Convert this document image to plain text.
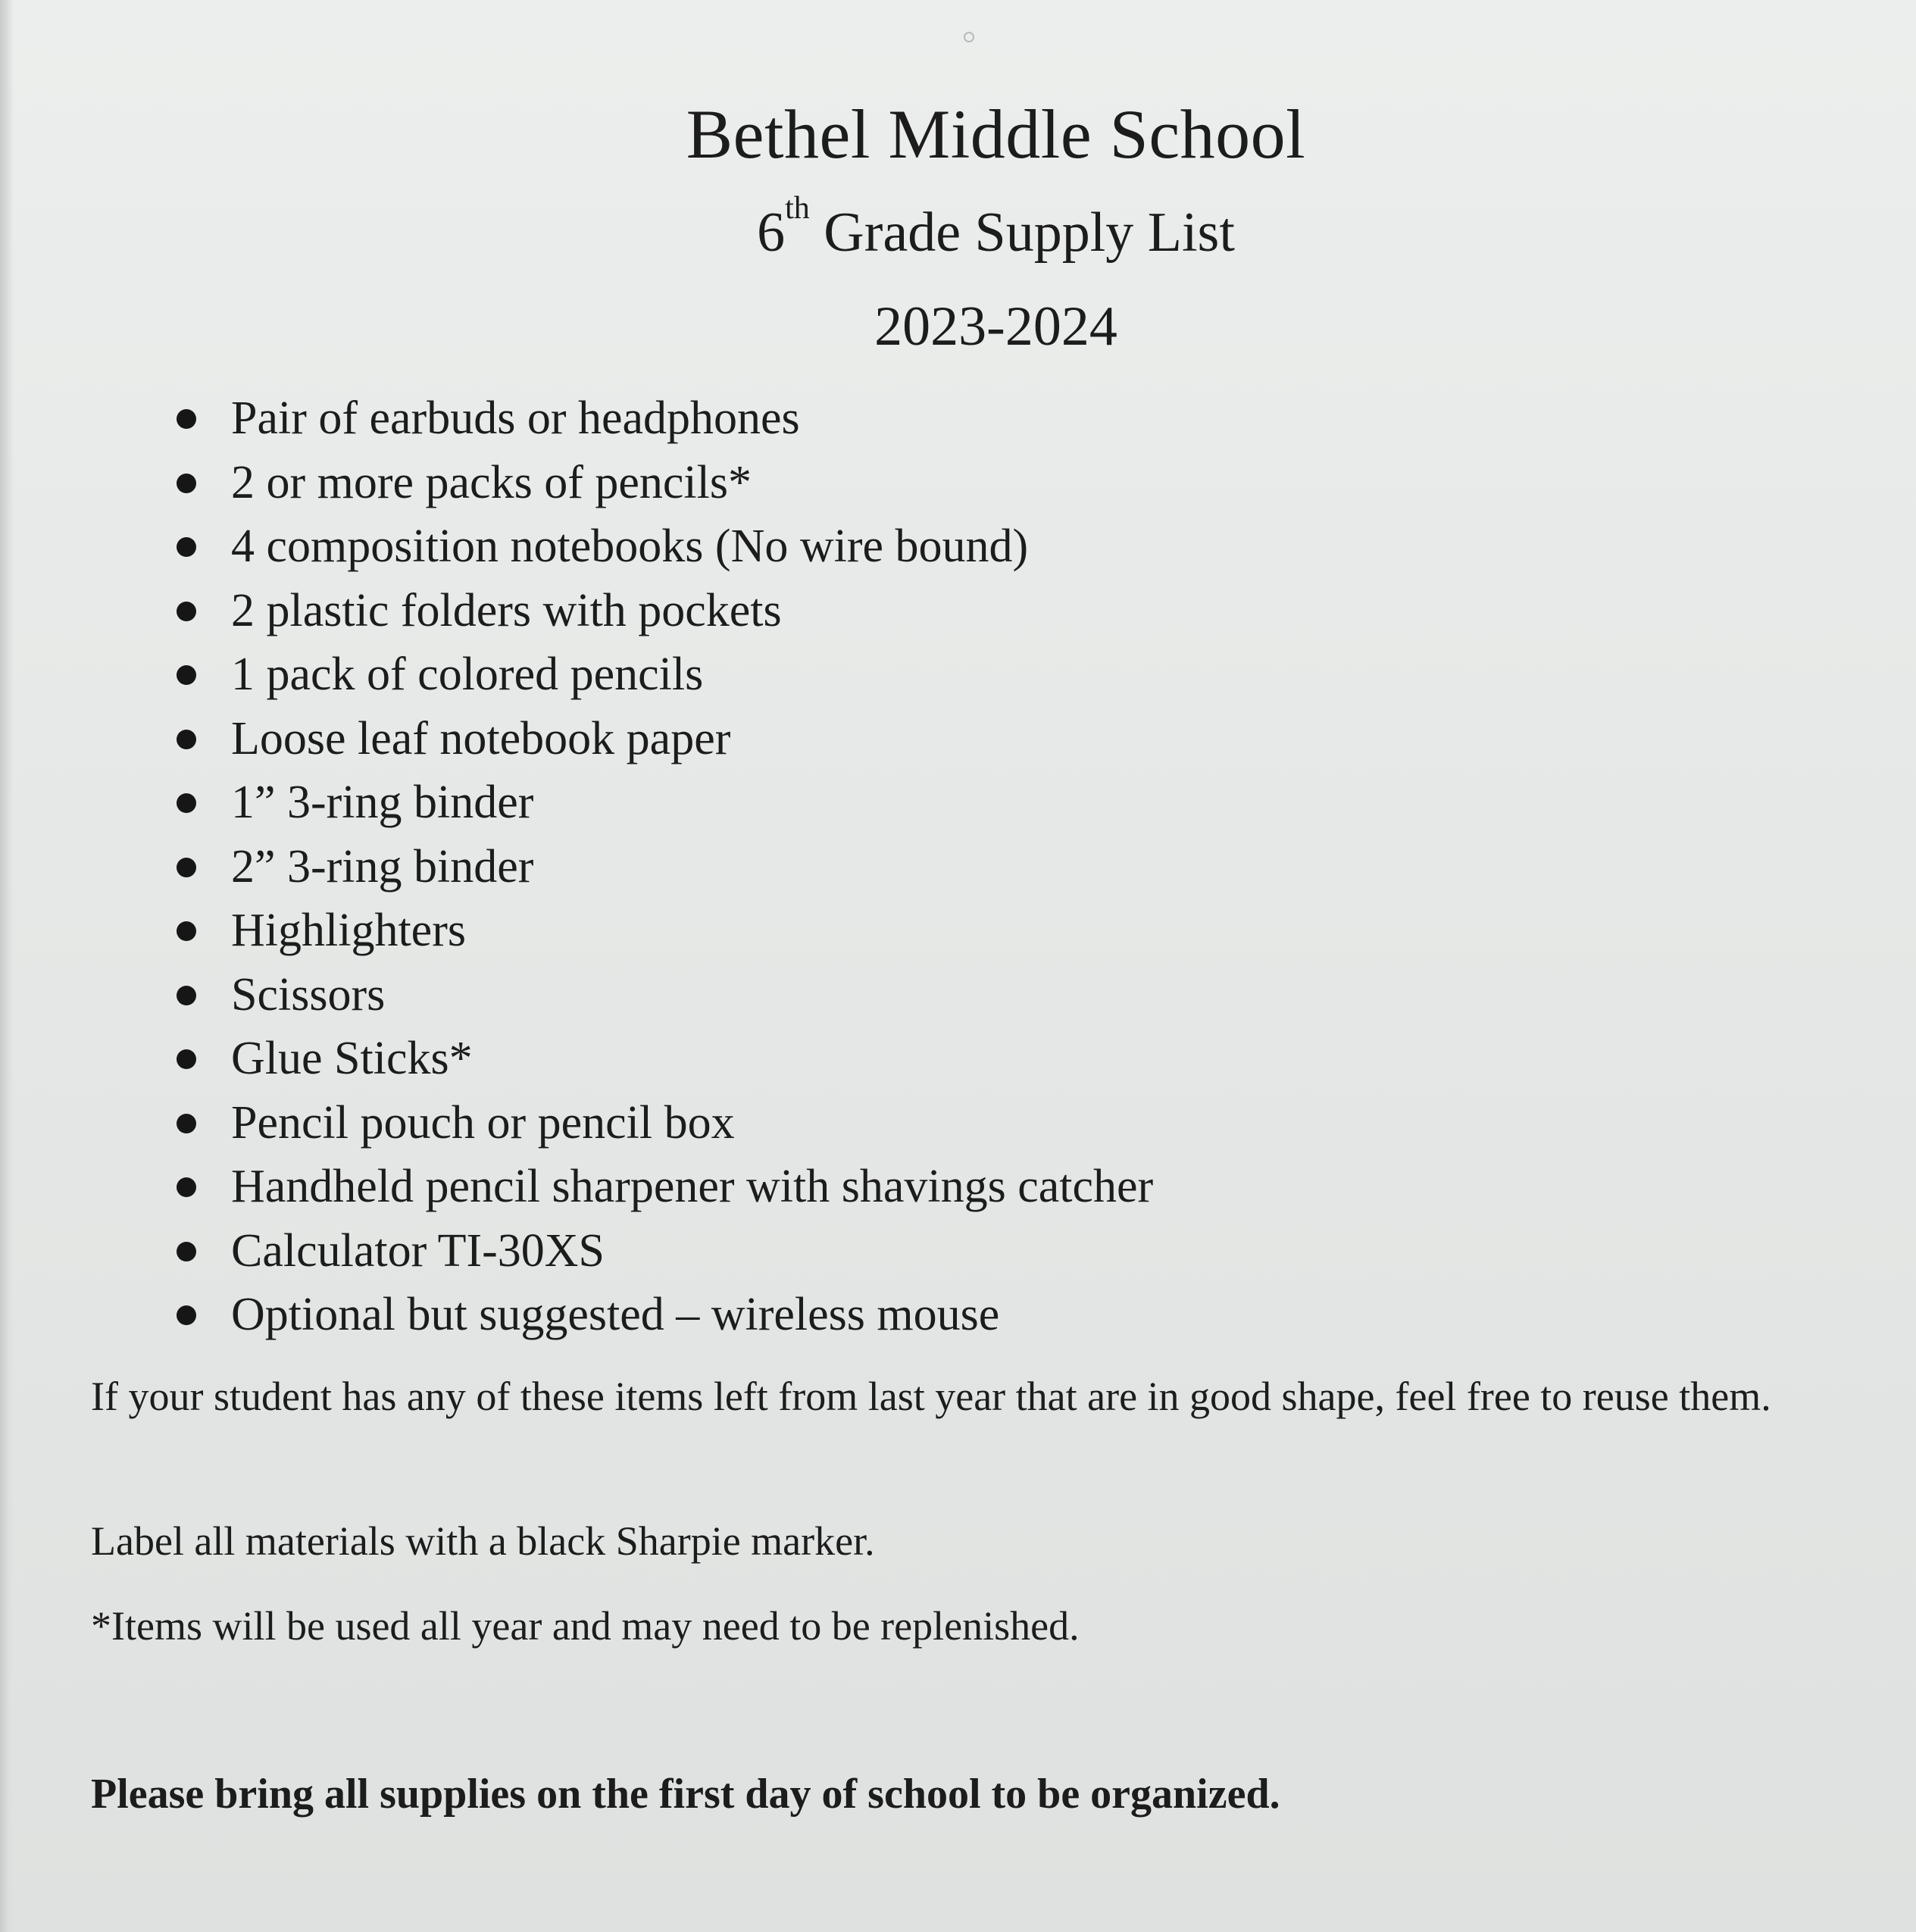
Bethel Middle School
6th Grade Supply List
2023-2024
Pair of earbuds or headphones
2 or more packs of pencils*
4 composition notebooks (No wire bound)
2 plastic folders with pockets
1 pack of colored pencils
Loose leaf notebook paper
1” 3-ring binder
2” 3-ring binder
Highlighters
Scissors
Glue Sticks*
Pencil pouch or pencil box
Handheld pencil sharpener with shavings catcher
Calculator TI-30XS
Optional but suggested – wireless mouse

If your student has any of these items left from last year that are in good shape, feel free to reuse them.

Label all materials with a black Sharpie marker.

*Items will be used all year and may need to be replenished.

Please bring all supplies on the first day of school to be organized.
